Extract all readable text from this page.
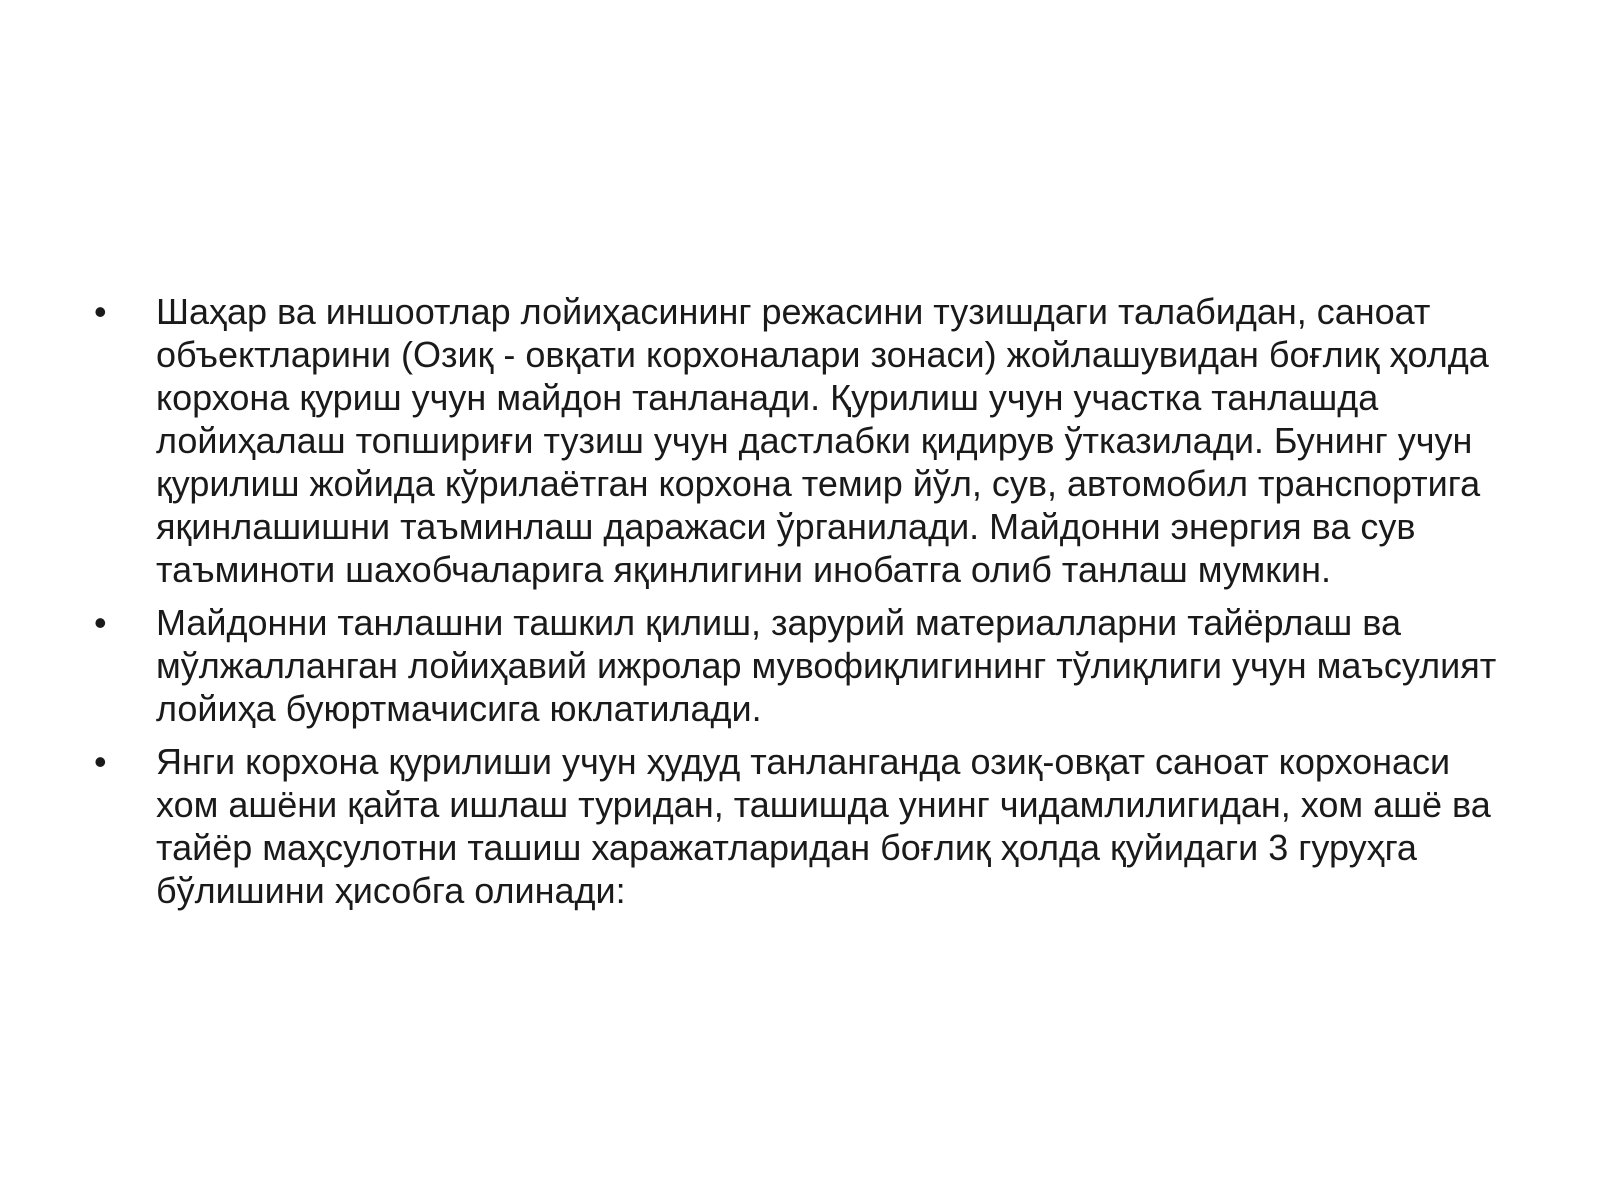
•	Шаҳар ва иншоотлар лойиҳасининг режасини тузишдаги талабидан, саноат объектларини (Озиқ - овқати корхоналари зонаси) жойлашувидан боғлиқ ҳолда корхона қуриш учун майдон танланади. Қурилиш учун участка танлашда лойиҳалаш топшириғи тузиш учун дастлабки қидирув ўтказилади. Бунинг учун қурилиш жойида кўрилаётган корхона темир йўл, сув, автомобил транспортига яқинлашишни таъминлаш даражаси ўрганилади. Майдонни энергия ва сув таъминоти шахобчаларига яқинлигини инобатга олиб танлаш мумкин.
•	Майдонни танлашни ташкил қилиш, зарурий материалларни тайёрлаш ва мўлжалланган лойиҳавий ижролар мувофиқлигининг тўлиқлиги учун маъсулият лойиҳа буюртмачисига юклатилади.
•	Янги корхона қурилиши учун ҳудуд танланганда озиқ-овқат саноат корхонаси хом ашёни қайта ишлаш туридан, ташишда унинг чидамлилигидан, хом ашё ва тайёр маҳсулотни ташиш харажатларидан боғлиқ ҳолда қуйидаги 3 гуруҳга бўлишини ҳисобга олинади:
